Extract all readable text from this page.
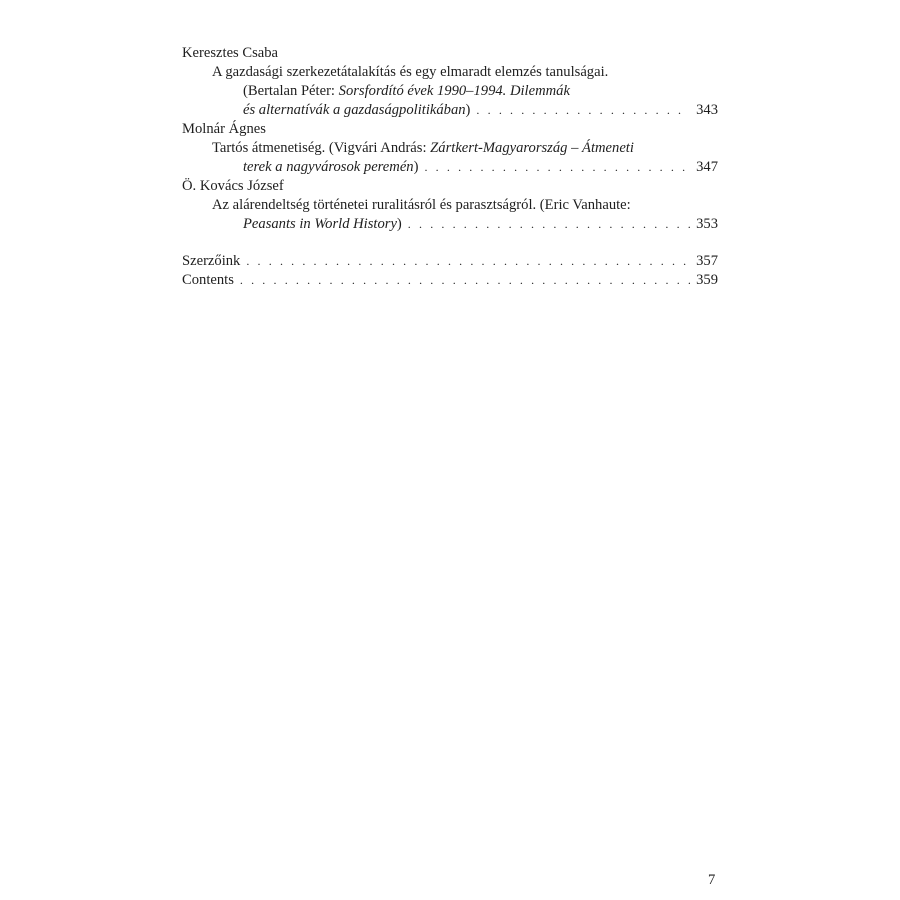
Keresztes Csaba
A gazdasági szerkezetátalakítás és egy elmaradt elemzés tanulságai.
(Bertalan Péter: Sorsfordító évek 1990–1994. Dilemmák
és alternatívák a gazdaságpolitikában) . . .	343
Molnár Ágnes
Tartós átmenetiség. (Vigvári András: Zártkert-Magyarország – Átmeneti
terek a nagyvárosok peremén) . . .	347
Ö. Kovács József
Az alárendeltség történetei ruralitásról és parasztságról. (Eric Vanhaute:
Peasants in World History) . . .	353
Szerzőink . . .	357
Contents . . .	359
7
